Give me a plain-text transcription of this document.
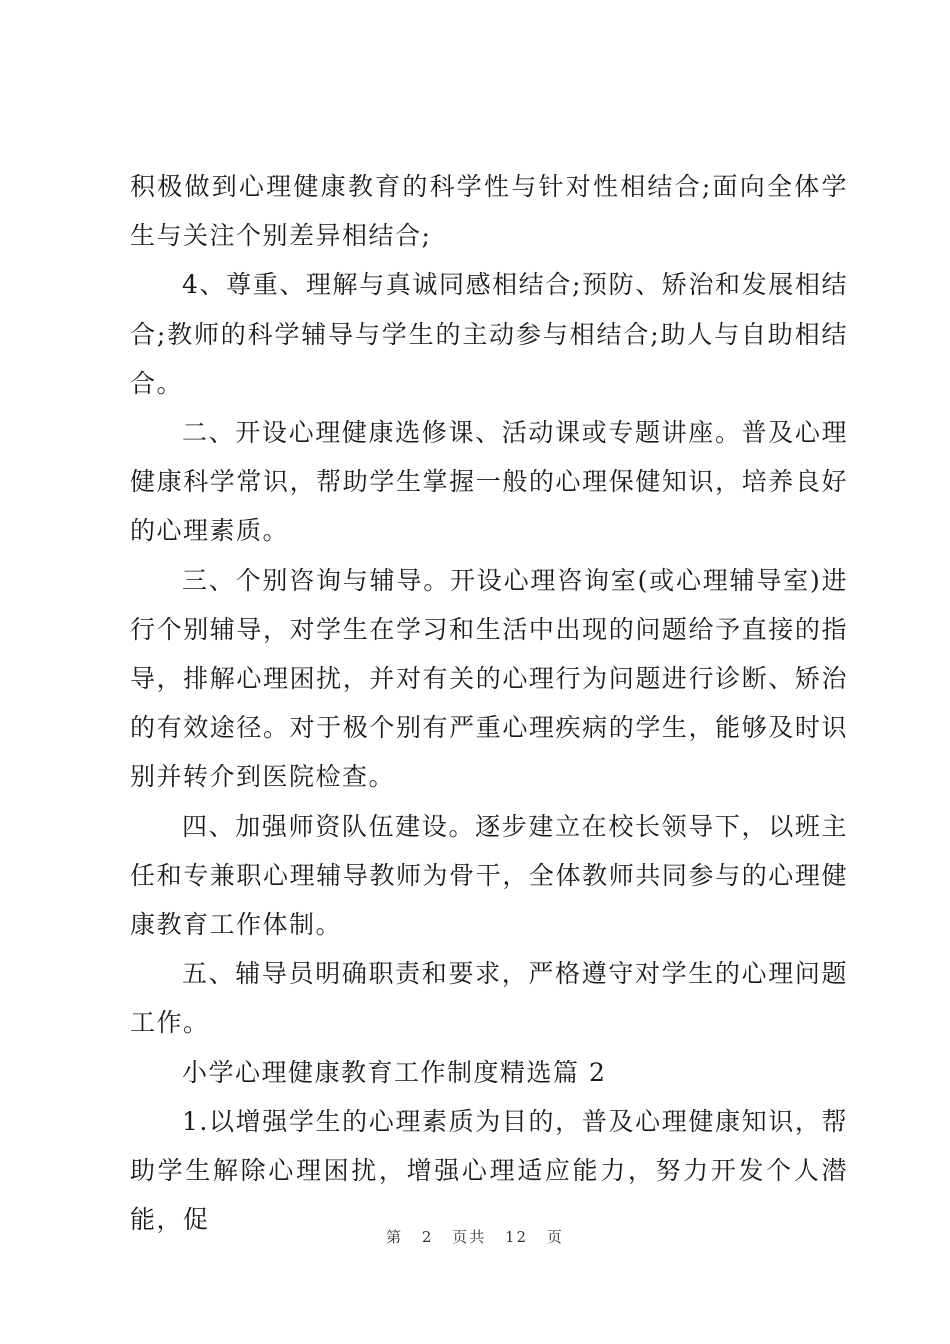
积极做到心理健康教育的科学性与针对性相结合;面向全体学生与关注个别差异相结合;

4、尊重、理解与真诚同感相结合;预防、矫治和发展相结合;教师的科学辅导与学生的主动参与相结合;助人与自助相结合。

二、开设心理健康选修课、活动课或专题讲座。普及心理健康科学常识，帮助学生掌握一般的心理保健知识，培养良好的心理素质。

三、个别咨询与辅导。开设心理咨询室(或心理辅导室)进行个别辅导，对学生在学习和生活中出现的问题给予直接的指导，排解心理困扰，并对有关的心理行为问题进行诊断、矫治的有效途径。对于极个别有严重心理疾病的学生，能够及时识别并转介到医院检查。

四、加强师资队伍建设。逐步建立在校长领导下，以班主任和专兼职心理辅导教师为骨干，全体教师共同参与的心理健康教育工作体制。

五、辅导员明确职责和要求，严格遵守对学生的心理问题工作。

小学心理健康教育工作制度精选篇 2

1.以增强学生的心理素质为目的，普及心理健康知识，帮助学生解除心理困扰，增强心理适应能力，努力开发个人潜能，促

第 2 页共 12 页
